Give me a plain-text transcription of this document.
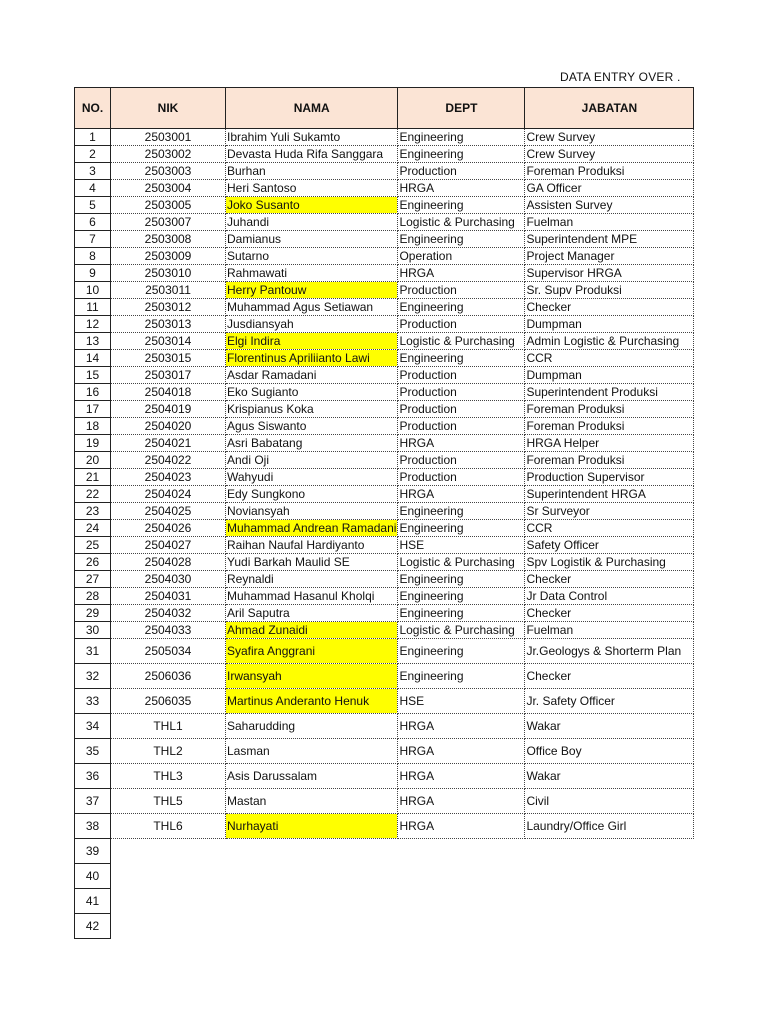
DATA ENTRY OVER .
NO.	NIK	NAMA	DEPT	JABATAN
1	2503001	Ibrahim Yuli Sukamto	Engineering	Crew Survey
2	2503002	Devasta Huda Rifa Sanggara	Engineering	Crew Survey
3	2503003	Burhan	Production	Foreman Produksi
4	2503004	Heri Santoso	HRGA	GA Officer
5	2503005	Joko Susanto	Engineering	Assisten Survey
6	2503007	Juhandi	Logistic & Purchasing	Fuelman
7	2503008	Damianus	Engineering	Superintendent MPE
8	2503009	Sutarno	Operation	Project Manager
9	2503010	Rahmawati	HRGA	Supervisor HRGA
10	2503011	Herry Pantouw	Production	Sr. Supv Produksi
11	2503012	Muhammad Agus Setiawan	Engineering	Checker
12	2503013	Jusdiansyah	Production	Dumpman
13	2503014	Elgi Indira	Logistic & Purchasing	Admin Logistic & Purchasing
14	2503015	Florentinus Apriliianto Lawi	Engineering	CCR
15	2503017	Asdar Ramadani	Production	Dumpman
16	2504018	Eko Sugianto	Production	Superintendent Produksi
17	2504019	Krispianus Koka	Production	Foreman Produksi
18	2504020	Agus Siswanto	Production	Foreman Produksi
19	2504021	Asri Babatang	HRGA	HRGA Helper
20	2504022	Andi Oji	Production	Foreman Produksi
21	2504023	Wahyudi	Production	Production Supervisor
22	2504024	Edy Sungkono	HRGA	Superintendent HRGA
23	2504025	Noviansyah	Engineering	Sr Surveyor
24	2504026	Muhammad Andrean Ramadani	Engineering	CCR
25	2504027	Raihan Naufal Hardiyanto	HSE	Safety Officer
26	2504028	Yudi Barkah Maulid SE	Logistic & Purchasing	Spv Logistik & Purchasing
27	2504030	Reynaldi	Engineering	Checker
28	2504031	Muhammad Hasanul Kholqi	Engineering	Jr Data Control
29	2504032	Aril Saputra	Engineering	Checker
30	2504033	Ahmad Zunaidi	Logistic & Purchasing	Fuelman
31	2505034	Syafira Anggrani	Engineering	Jr.Geologys & Shorterm Plan
32	2506036	Irwansyah	Engineering	Checker
33	2506035	Martinus Anderanto Henuk	HSE	Jr. Safety Officer
34	THL1	Saharudding	HRGA	Wakar
35	THL2	Lasman	HRGA	Office Boy
36	THL3	Asis Darussalam	HRGA	Wakar
37	THL5	Mastan	HRGA	Civil
38	THL6	Nurhayati	HRGA	Laundry/Office Girl
39				
40				
41				
42				
